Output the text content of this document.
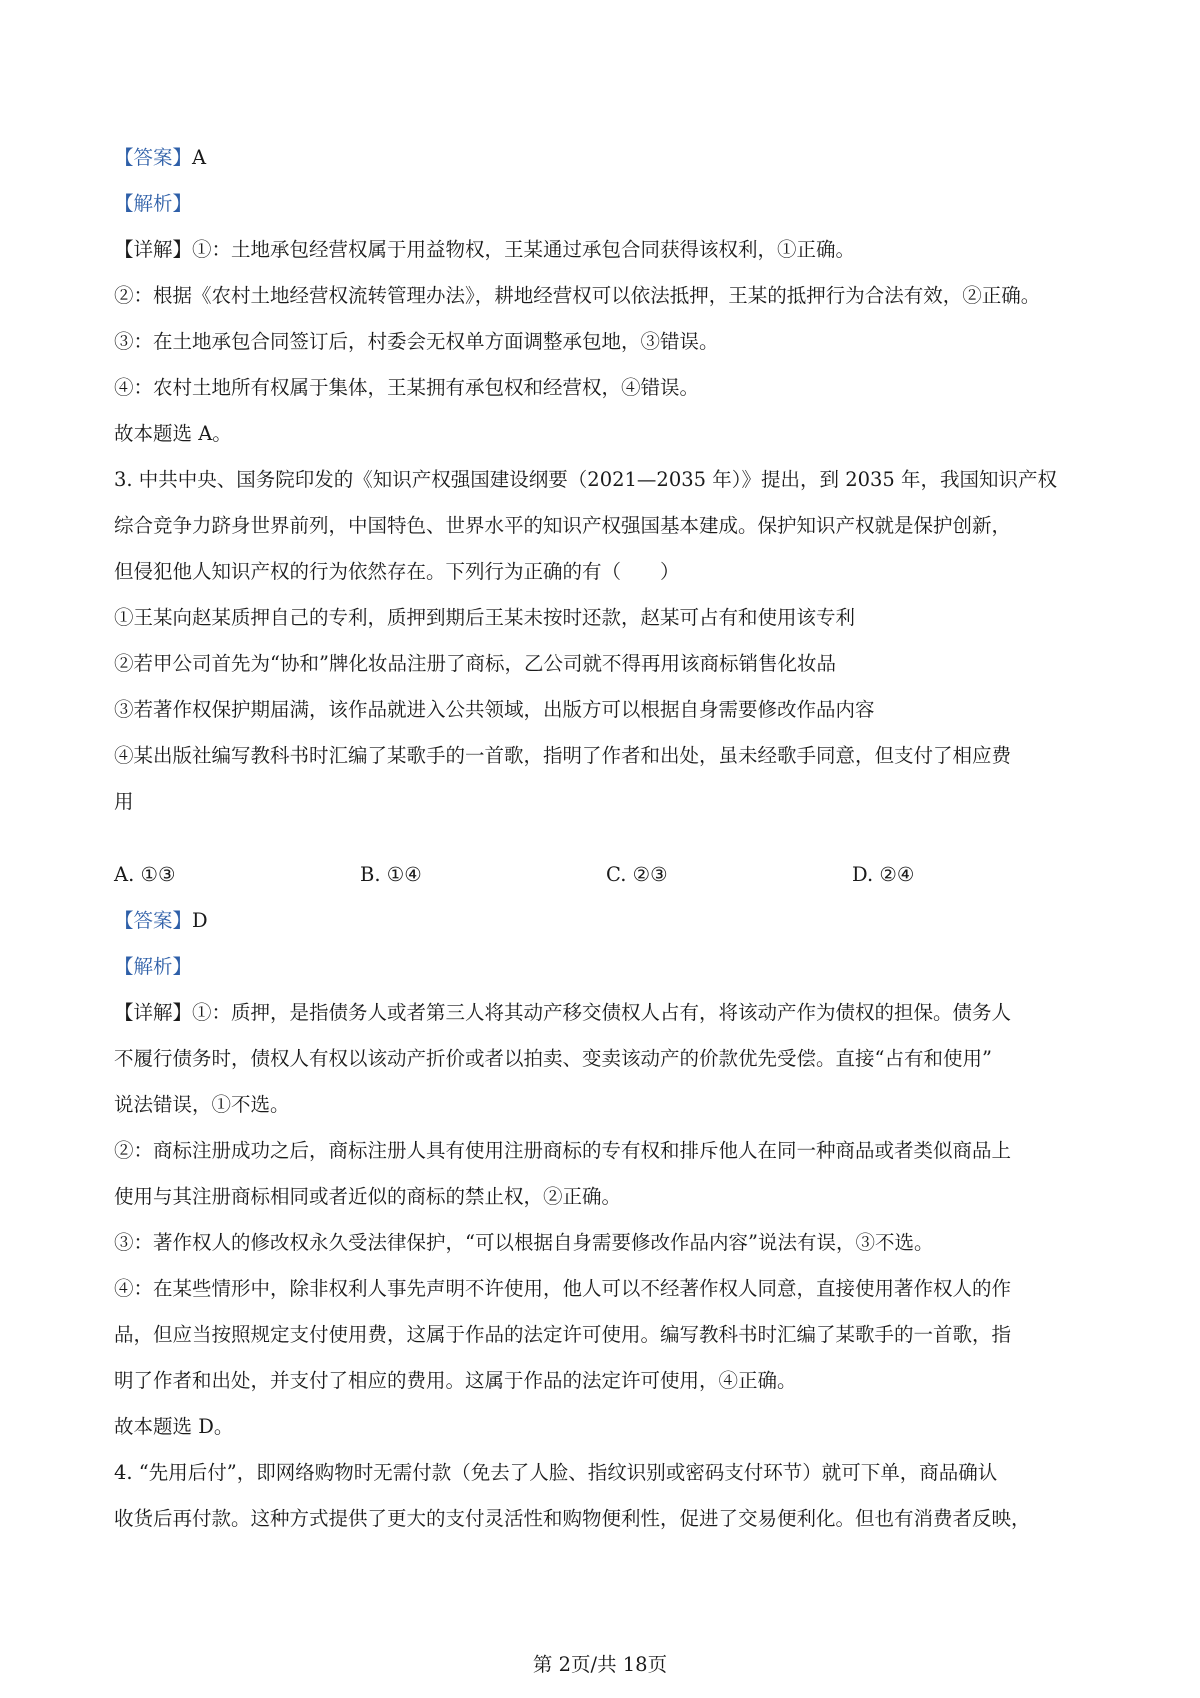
【答案】A
【解析】
【详解】①：土地承包经营权属于用益物权，王某通过承包合同获得该权利，①正确。
②：根据《农村土地经营权流转管理办法》，耕地经营权可以依法抵押，王某的抵押行为合法有效，②正确。
③：在土地承包合同签订后，村委会无权单方面调整承包地，③错误。
④：农村土地所有权属于集体，王某拥有承包权和经营权，④错误。
故本题选 A。
3. 中共中央、国务院印发的《知识产权强国建设纲要（2021—2035 年）》提出，到 2035 年，我国知识产权
综合竞争力跻身世界前列，中国特色、世界水平的知识产权强国基本建成。保护知识产权就是保护创新，
但侵犯他人知识产权的行为依然存在。下列行为正确的有（　　）
①王某向赵某质押自己的专利，质押到期后王某未按时还款，赵某可占有和使用该专利
②若甲公司首先为“协和”牌化妆品注册了商标，乙公司就不得再用该商标销售化妆品
③若著作权保护期届满，该作品就进入公共领域，出版方可以根据自身需要修改作品内容
④某出版社编写教科书时汇编了某歌手的一首歌，指明了作者和出处，虽未经歌手同意，但支付了相应费
用
A. ①③	B. ①④	C. ②③	D. ②④
【答案】D
【解析】
【详解】①：质押，是指债务人或者第三人将其动产移交债权人占有，将该动产作为债权的担保。债务人
不履行债务时，债权人有权以该动产折价或者以拍卖、变卖该动产的价款优先受偿。直接“占有和使用”
说法错误，①不选。
②：商标注册成功之后，商标注册人具有使用注册商标的专有权和排斥他人在同一种商品或者类似商品上
使用与其注册商标相同或者近似的商标的禁止权，②正确。
③：著作权人的修改权永久受法律保护，“可以根据自身需要修改作品内容”说法有误，③不选。
④：在某些情形中，除非权利人事先声明不许使用，他人可以不经著作权人同意，直接使用著作权人的作
品，但应当按照规定支付使用费，这属于作品的法定许可使用。编写教科书时汇编了某歌手的一首歌，指
明了作者和出处，并支付了相应的费用。这属于作品的法定许可使用，④正确。
故本题选 D。
4. “先用后付”，即网络购物时无需付款（免去了人脸、指纹识别或密码支付环节）就可下单，商品确认
收货后再付款。这种方式提供了更大的支付灵活性和购物便利性，促进了交易便利化。但也有消费者反映，
第 2页/共 18页
